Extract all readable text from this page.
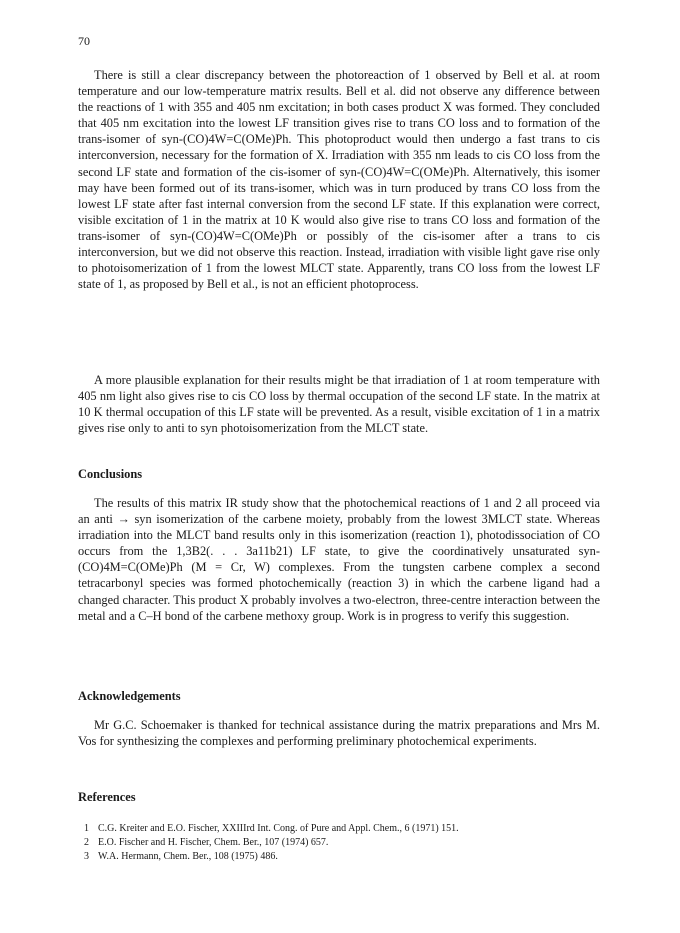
70

There is still a clear discrepancy between the photoreaction of 1 observed by Bell et al. at room temperature and our low-temperature matrix results. Bell et al. did not observe any difference between the reactions of 1 with 355 and 405 nm excitation; in both cases product X was formed. They concluded that 405 nm excitation into the lowest LF transition gives rise to trans CO loss and to formation of the trans-isomer of syn-(CO)4W=C(OMe)Ph. This photoproduct would then undergo a fast trans to cis interconversion, necessary for the formation of X. Irradiation with 355 nm leads to cis CO loss from the second LF state and formation of the cis-isomer of syn-(CO)4W=C(OMe)Ph. Alternatively, this isomer may have been formed out of its trans-isomer, which was in turn produced by trans CO loss from the lowest LF state after fast internal conversion from the second LF state. If this explanation were correct, visible excitation of 1 in the matrix at 10 K would also give rise to trans CO loss and formation of the trans-isomer of syn-(CO)4W=C(OMe)Ph or possibly of the cis-isomer after a trans to cis interconversion, but we did not observe this reaction. Instead, irradiation with visible light gave rise only to photoisomerization of 1 from the lowest MLCT state. Apparently, trans CO loss from the lowest LF state of 1, as proposed by Bell et al., is not an efficient photoprocess.

A more plausible explanation for their results might be that irradiation of 1 at room temperature with 405 nm light also gives rise to cis CO loss by thermal occupation of the second LF state. In the matrix at 10 K thermal occupation of this LF state will be prevented. As a result, visible excitation of 1 in a matrix gives rise only to anti to syn photoisomerization from the MLCT state.

Conclusions

The results of this matrix IR study show that the photochemical reactions of 1 and 2 all proceed via an anti → syn isomerization of the carbene moiety, probably from the lowest 3MLCT state. Whereas irradiation into the MLCT band results only in this isomerization (reaction 1), photodissociation of CO occurs from the 1,3B2(. . . 3a11b21) LF state, to give the coordinatively unsaturated syn-(CO)4M=C(OMe)Ph (M = Cr, W) complexes. From the tungsten carbene complex a second tetracarbonyl species was formed photochemically (reaction 3) in which the carbene ligand had a changed character. This product X probably involves a two-electron, three-centre interaction between the metal and a C–H bond of the carbene methoxy group. Work is in progress to verify this suggestion.

Acknowledgements

Mr G.C. Schoemaker is thanked for technical assistance during the matrix preparations and Mrs M. Vos for synthesizing the complexes and performing preliminary photochemical experiments.

References
1 C.G. Kreiter and E.O. Fischer, XXIIIrd Int. Cong. of Pure and Appl. Chem., 6 (1971) 151.
2 E.O. Fischer and H. Fischer, Chem. Ber., 107 (1974) 657.
3 W.A. Hermann, Chem. Ber., 108 (1975) 486.
